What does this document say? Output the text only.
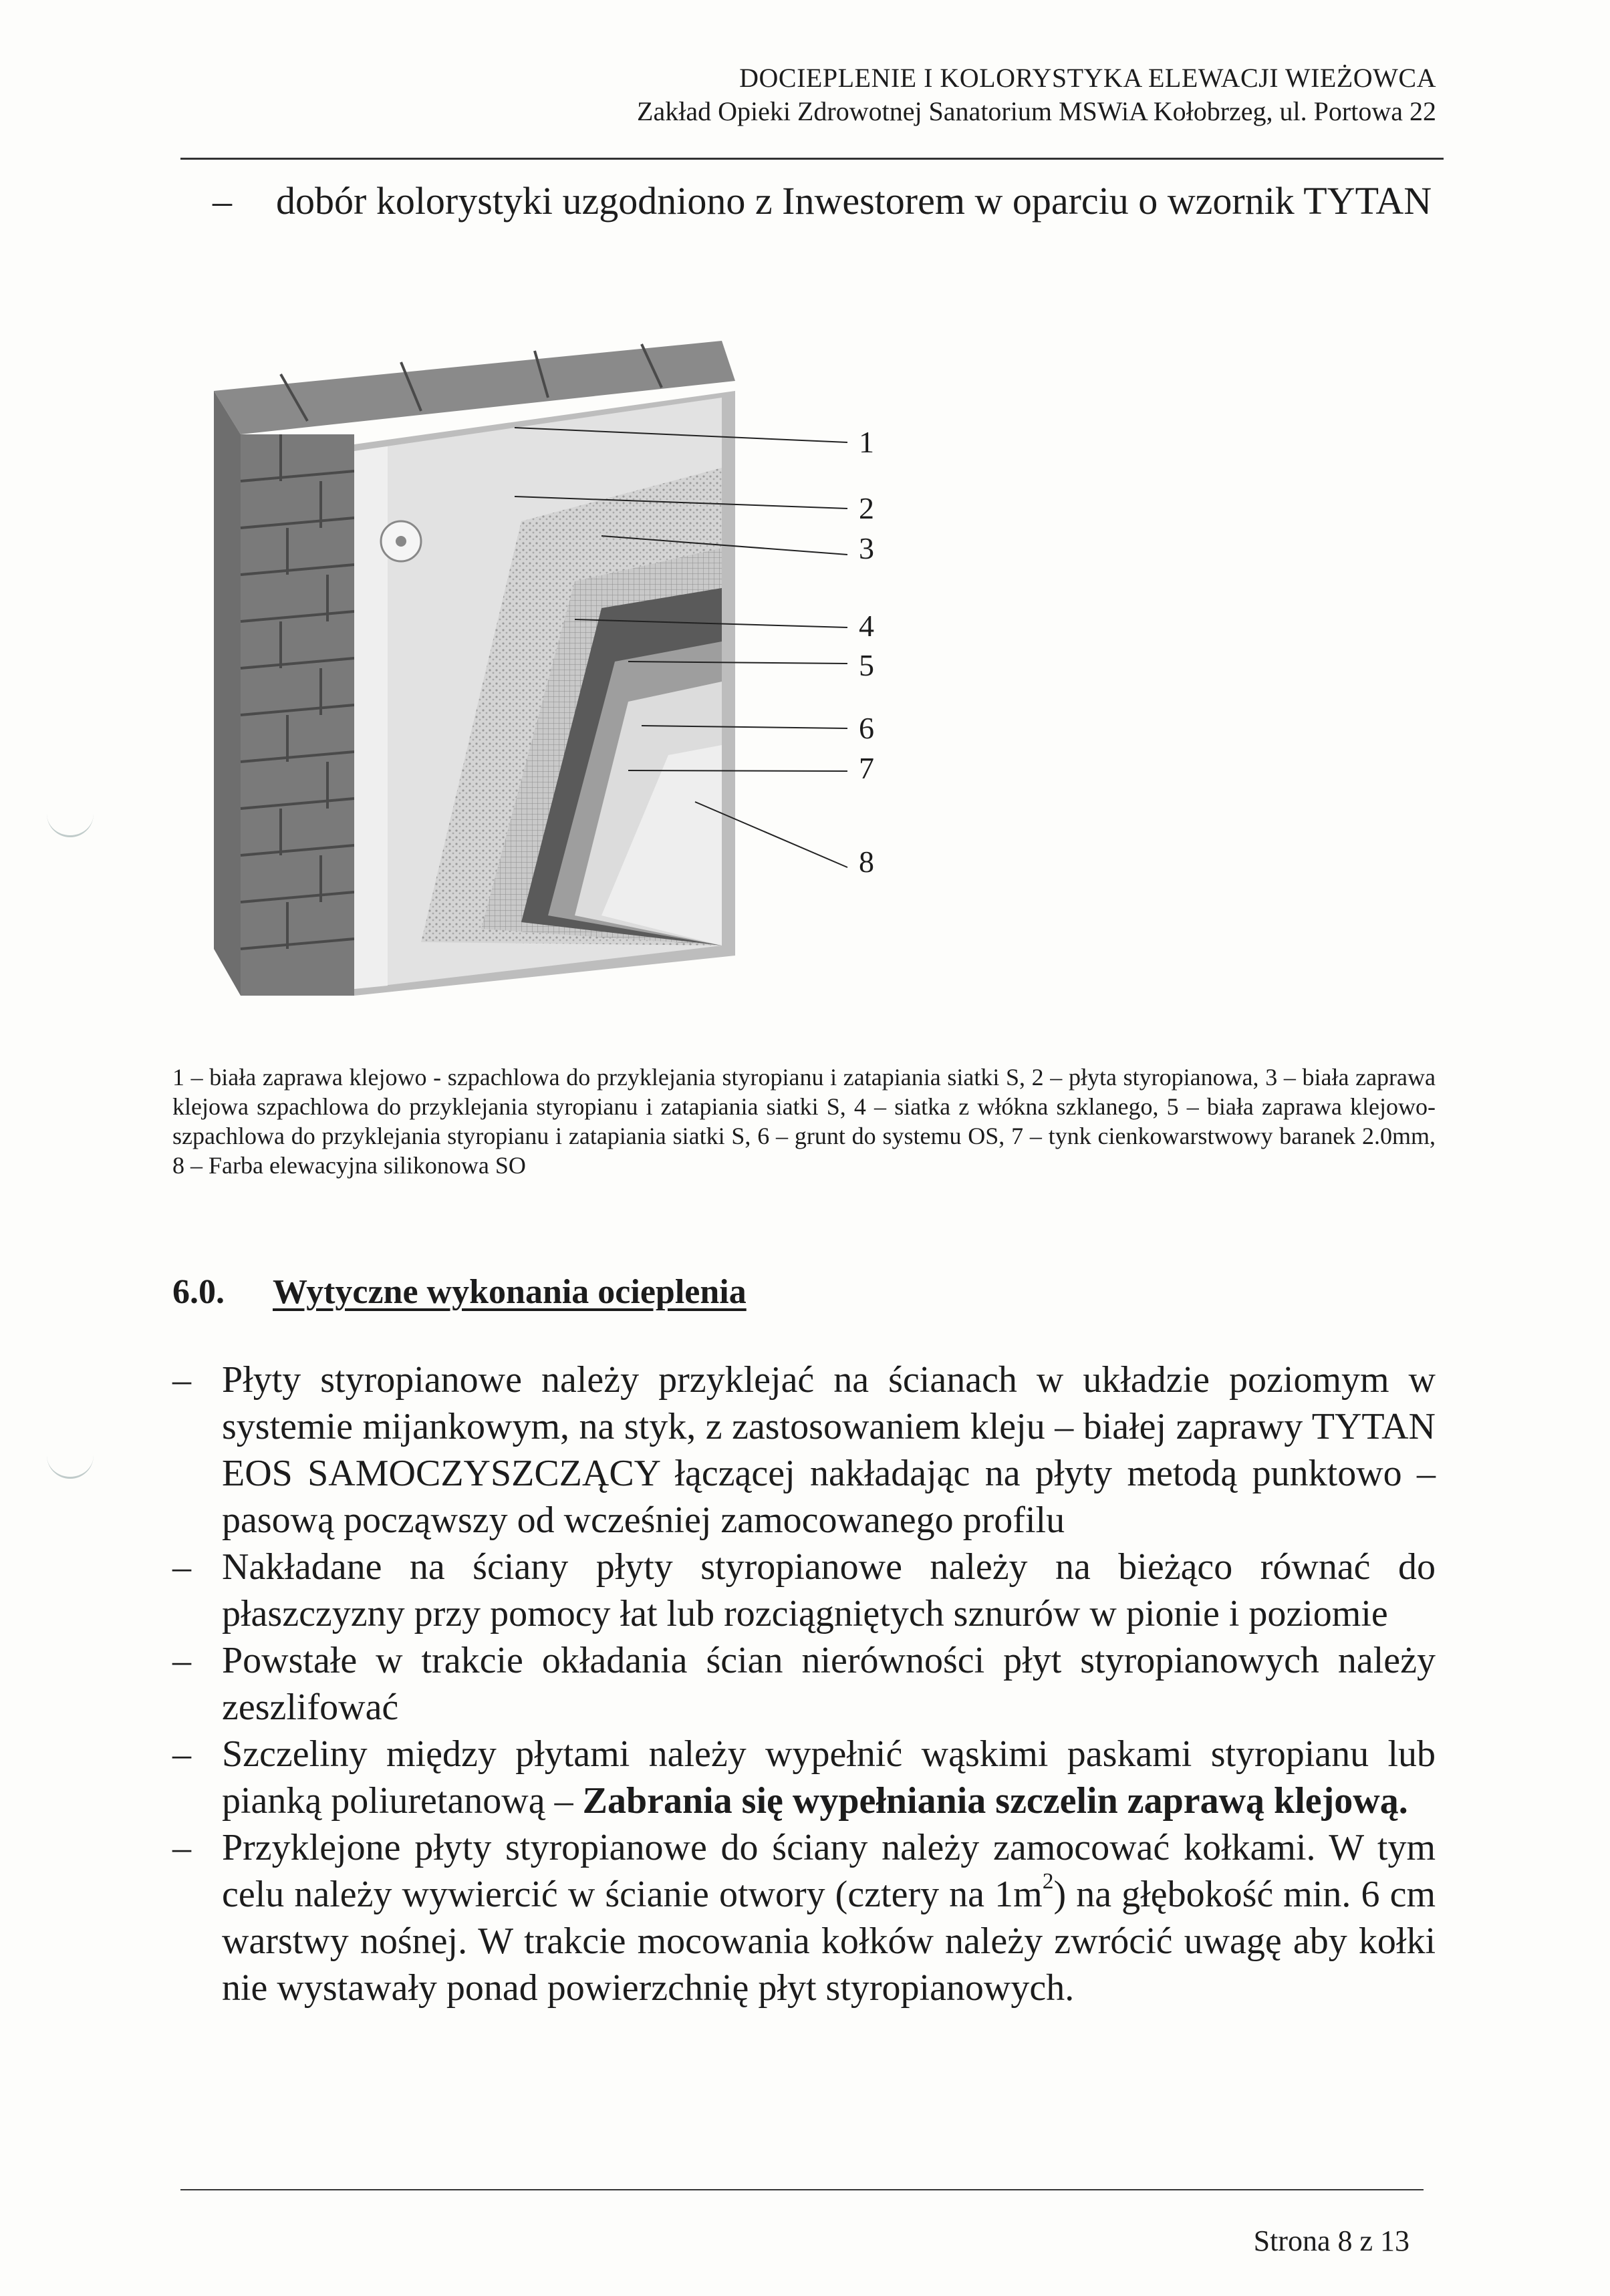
DOCIEPLENIE I KOLORYSTYKA ELEWACJI WIEŻOWCA
Zakład Opieki Zdrowotnej Sanatorium MSWiA Kołobrzeg, ul. Portowa 22
– dobór kolorystyki uzgodniono z Inwestorem w oparciu o wzornik TYTAN
1
2
3
4
5
6
7
8
1 – biała zaprawa klejowo - szpachlowa do przyklejania styropianu i zatapiania siatki S, 2 – płyta styropianowa, 3 – biała zaprawa klejowa szpachlowa do przyklejania styropianu i zatapiania siatki S, 4 – siatka z włókna szklanego, 5 – biała zaprawa klejowo-szpachlowa do przyklejania styropianu i zatapiania siatki S, 6 – grunt do systemu OS, 7 – tynk cienkowarstwowy baranek 2.0mm, 8 – Farba elewacyjna silikonowa SO
6.0. Wytyczne wykonania ocieplenia
– Płyty styropianowe należy przyklejać na ścianach w układzie poziomym w systemie mijankowym, na styk, z zastosowaniem kleju – białej zaprawy TYTAN EOS SAMOCZYSZCZĄCY łączącej nakładając na płyty metodą punktowo – pasową począwszy od wcześniej zamocowanego profilu
– Nakładane na ściany płyty styropianowe należy na bieżąco równać do płaszczyzny przy pomocy łat lub rozciągniętych sznurów w pionie i poziomie
– Powstałe w trakcie okładania ścian nierówności płyt styropianowych należy zeszlifować
– Szczeliny między płytami należy wypełnić wąskimi paskami styropianu lub pianką poliuretanową – Zabrania się wypełniania szczelin zaprawą klejową.
– Przyklejone płyty styropianowe do ściany należy zamocować kołkami. W tym celu należy wywiercić w ścianie otwory (cztery na $1m^2$) na głębokość min. 6 cm warstwy nośnej. W trakcie mocowania kołków należy zwrócić uwagę aby kołki nie wystawały ponad powierzchnię płyt styropianowych.
Strona 8 z 13
